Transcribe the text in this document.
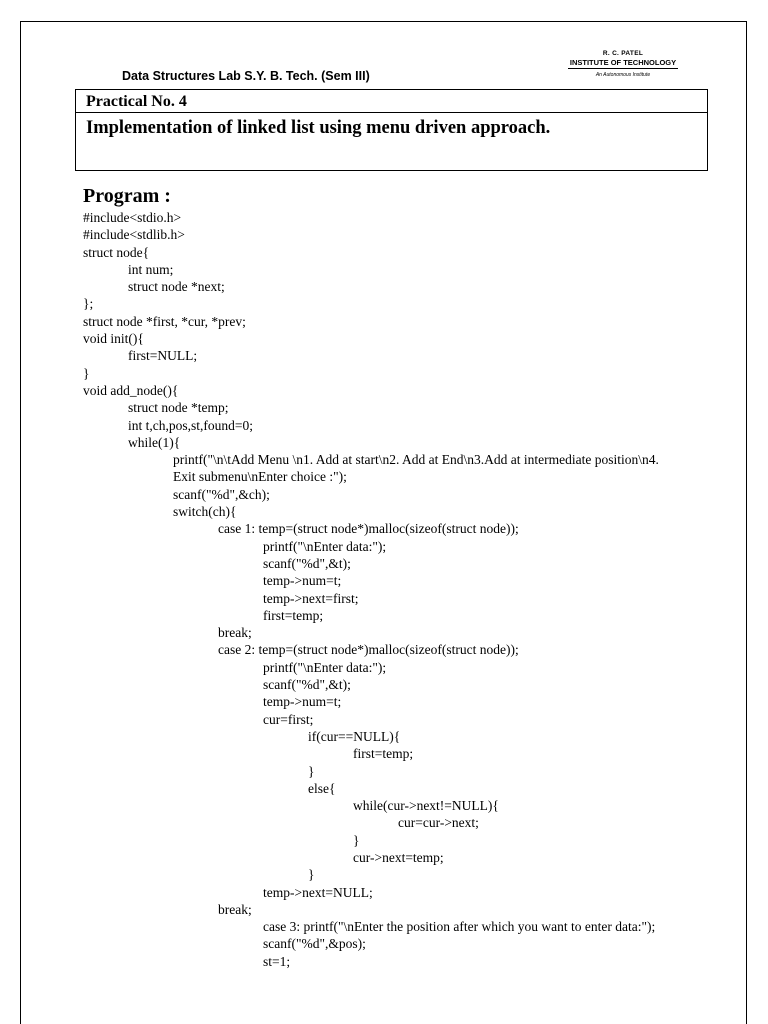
Data Structures Lab S.Y. B. Tech. (Sem III)
R. C. PATEL
INSTITUTE OF TECHNOLOGY
An Autonomous Institute
Practical No. 4
Implementation of linked list using menu driven approach.
Program :
#include<stdio.h>
#include<stdlib.h>
struct node{
int num;
struct node *next;
};
struct node *first, *cur, *prev;
void init(){
first=NULL;
}
void add_node(){
struct node *temp;
int t,ch,pos,st,found=0;
while(1){
printf("\n\tAdd Menu \n1. Add at start\n2. Add at End\n3.Add at intermediate position\n4.
Exit submenu\nEnter choice :");
scanf("%d",&ch);
switch(ch){
case 1: temp=(struct node*)malloc(sizeof(struct node));
printf("\nEnter data:");
scanf("%d",&t);
temp->num=t;
temp->next=first;
first=temp;
break;
case 2: temp=(struct node*)malloc(sizeof(struct node));
printf("\nEnter data:");
scanf("%d",&t);
temp->num=t;
cur=first;
if(cur==NULL){
first=temp;
}
else{
while(cur->next!=NULL){
cur=cur->next;
}
cur->next=temp;
}
temp->next=NULL;
break;
case 3: printf("\nEnter the position after which you want to enter data:");
scanf("%d",&pos);
st=1;
